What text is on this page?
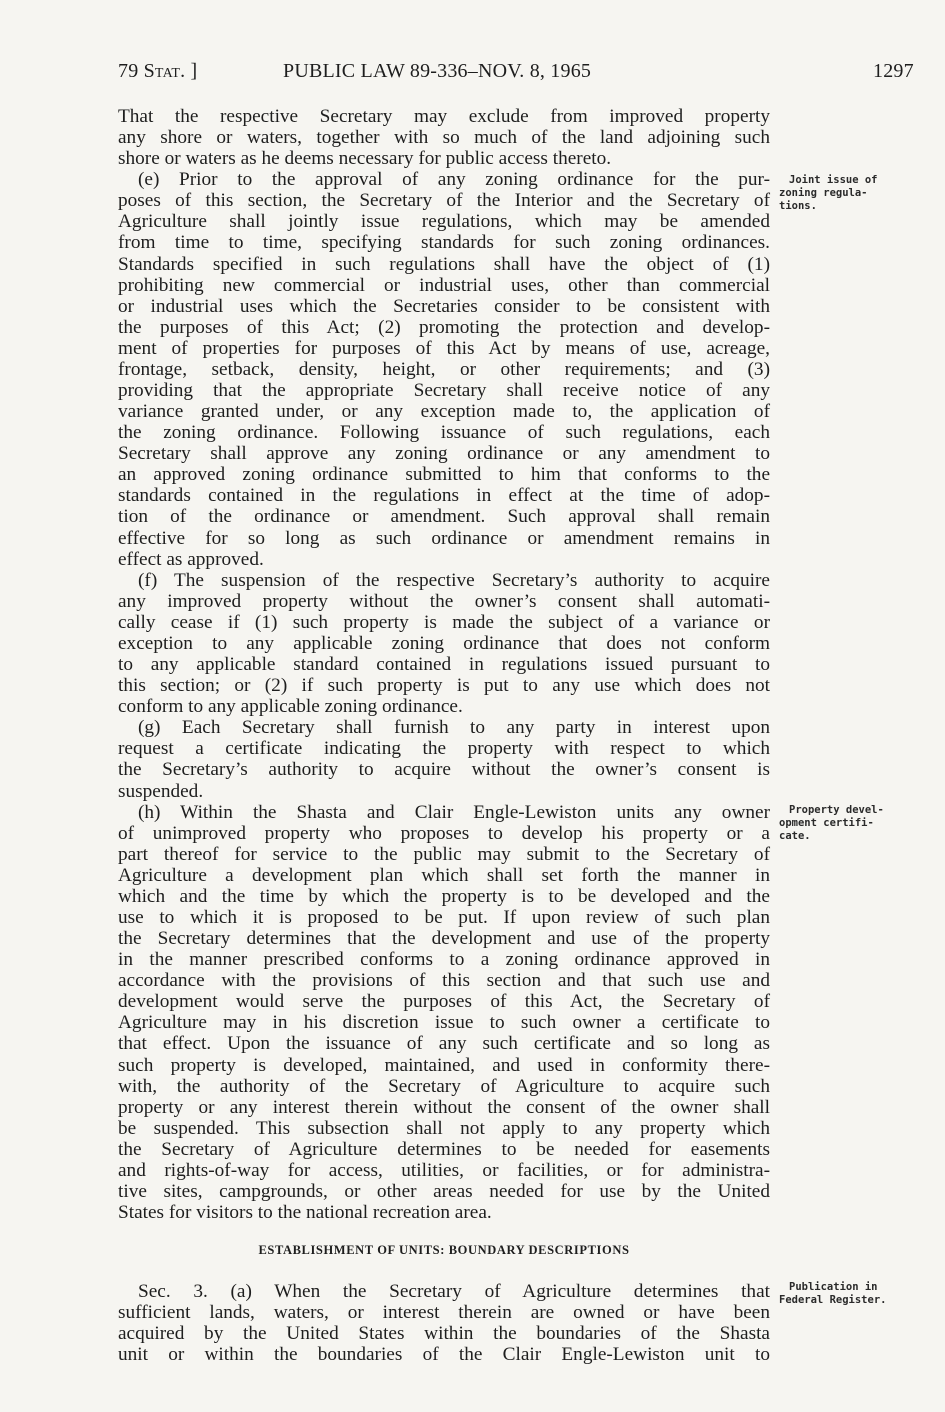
79 Stat. ]	PUBLIC LAW 89-336–NOV. 8, 1965	1297
That the respective Secretary may exclude from improved property
any shore or waters, together with so much of the land adjoining such
shore or waters as he deems necessary for public access thereto.
(e) Prior to the approval of any zoning ordinance for the pur-
poses of this section, the Secretary of the Interior and the Secretary of
Agriculture shall jointly issue regulations, which may be amended
from time to time, specifying standards for such zoning ordinances.
Standards specified in such regulations shall have the object of (1)
prohibiting new commercial or industrial uses, other than commercial
or industrial uses which the Secretaries consider to be consistent with
the purposes of this Act; (2) promoting the protection and develop-
ment of properties for purposes of this Act by means of use, acreage,
frontage, setback, density, height, or other requirements; and (3)
providing that the appropriate Secretary shall receive notice of any
variance granted under, or any exception made to, the application of
the zoning ordinance. Following issuance of such regulations, each
Secretary shall approve any zoning ordinance or any amendment to
an approved zoning ordinance submitted to him that conforms to the
standards contained in the regulations in effect at the time of adop-
tion of the ordinance or amendment. Such approval shall remain
effective for so long as such ordinance or amendment remains in
effect as approved.
(f) The suspension of the respective Secretary’s authority to acquire
any improved property without the owner’s consent shall automati-
cally cease if (1) such property is made the subject of a variance or
exception to any applicable zoning ordinance that does not conform
to any applicable standard contained in regulations issued pursuant to
this section; or (2) if such property is put to any use which does not
conform to any applicable zoning ordinance.
(g) Each Secretary shall furnish to any party in interest upon
request a certificate indicating the property with respect to which
the Secretary’s authority to acquire without the owner’s consent is
suspended.
(h) Within the Shasta and Clair Engle-Lewiston units any owner
of unimproved property who proposes to develop his property or a
part thereof for service to the public may submit to the Secretary of
Agriculture a development plan which shall set forth the manner in
which and the time by which the property is to be developed and the
use to which it is proposed to be put. If upon review of such plan
the Secretary determines that the development and use of the property
in the manner prescribed conforms to a zoning ordinance approved in
accordance with the provisions of this section and that such use and
development would serve the purposes of this Act, the Secretary of
Agriculture may in his discretion issue to such owner a certificate to
that effect. Upon the issuance of any such certificate and so long as
such property is developed, maintained, and used in conformity there-
with, the authority of the Secretary of Agriculture to acquire such
property or any interest therein without the consent of the owner shall
be suspended. This subsection shall not apply to any property which
the Secretary of Agriculture determines to be needed for easements
and rights-of-way for access, utilities, or facilities, or for administra-
tive sites, campgrounds, or other areas needed for use by the United
States for visitors to the national recreation area.
ESTABLISHMENT OF UNITS: BOUNDARY DESCRIPTIONS
Sec. 3. (a) When the Secretary of Agriculture determines that
sufficient lands, waters, or interest therein are owned or have been
acquired by the United States within the boundaries of the Shasta
unit or within the boundaries of the Clair Engle-Lewiston unit to
Joint issue of
zoning regula-
tions.
Property devel-
opment certifi-
cate.
Publication in
Federal Register.
